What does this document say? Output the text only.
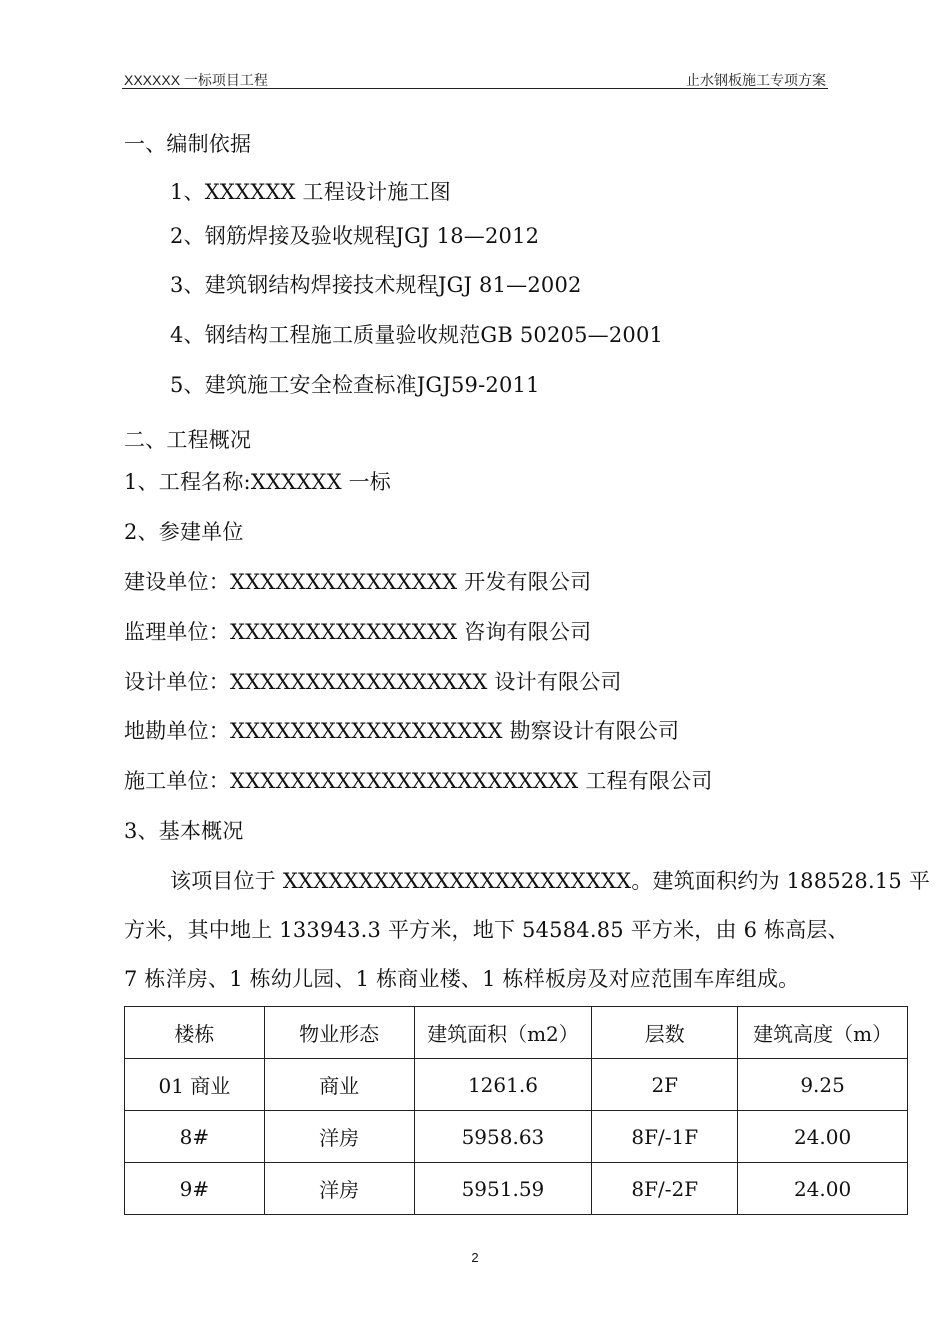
XXXXXX 一标项目工程	止水钢板施工专项方案
一、编制依据
1、XXXXXX 工程设计施工图
2、钢筋焊接及验收规程JGJ 18—2012
3、建筑钢结构焊接技术规程JGJ 81—2002
4、钢结构工程施工质量验收规范GB 50205—2001
5、建筑施工安全检查标准JGJ59-2011
二、工程概况
1、工程名称:XXXXXX 一标
2、参建单位
建设单位：XXXXXXXXXXXXXXX 开发有限公司
监理单位：XXXXXXXXXXXXXXX 咨询有限公司
设计单位：XXXXXXXXXXXXXXXXX 设计有限公司
地勘单位：XXXXXXXXXXXXXXXXXX 勘察设计有限公司
施工单位：XXXXXXXXXXXXXXXXXXXXXXX 工程有限公司
3、基本概况
该项目位于 XXXXXXXXXXXXXXXXXXXXXXX。建筑面积约为 188528.15 平
方米，其中地上 133943.3 平方米，地下 54584.85 平方米，由 6 栋高层、
7 栋洋房、1 栋幼儿园、1 栋商业楼、1 栋样板房及对应范围车库组成。
楼栋	物业形态	建筑面积（m2）	层数	建筑高度（m）
01 商业	商业	1261.6	2F	9.25
8#	洋房	5958.63	8F/-1F	24.00
9#	洋房	5951.59	8F/-2F	24.00
2
